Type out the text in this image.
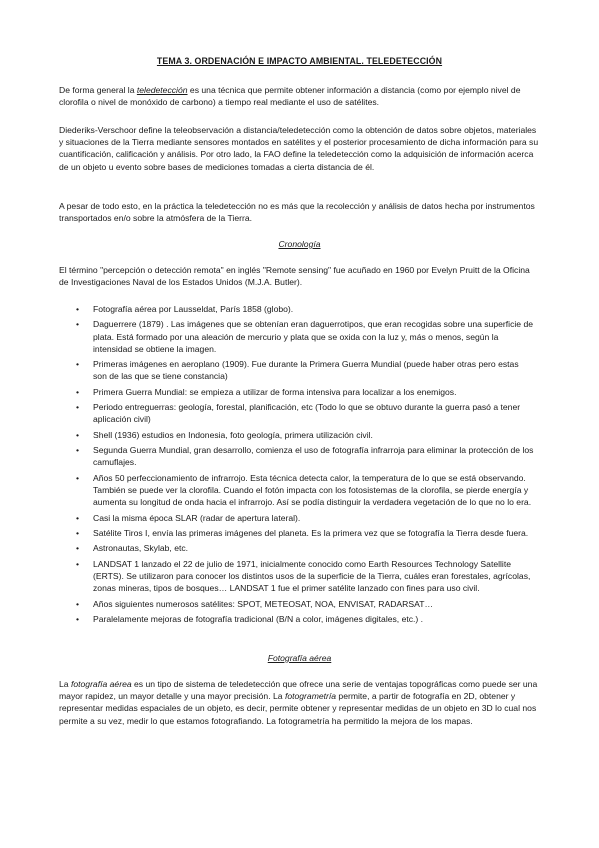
TEMA 3. ORDENACIÓN E IMPACTO AMBIENTAL. TELEDETECCIÓN

De forma general la teledetección es una técnica que permite obtener información a distancia (como por ejemplo nivel de clorofila o nivel de monóxido de carbono) a tiempo real mediante el uso de satélites.

Diederiks-Verschoor define la teleobservación a distancia/teledetección como la obtención de datos sobre objetos, materiales y situaciones de la Tierra mediante sensores montados en satélites y el posterior procesamiento de dicha información para su cuantificación, calificación y análisis. Por otro lado, la FAO define la teledetección como la adquisición de información acerca de un objeto u evento sobre bases de mediciones tomadas a cierta distancia de él.

A pesar de todo esto, en la práctica la teledetección no es más que la recolección y análisis de datos hecha por instrumentos transportados en/o sobre la atmósfera de la Tierra.

Cronología

El término "percepción o detección remota" en inglés "Remote sensing" fue acuñado en 1960 por Evelyn Pruitt de la Oficina de Investigaciones Naval de los Estados Unidos (M.J.A. Butler).

• Fotografía aérea por Lausseldat, París 1858 (globo).
• Daguerrere (1879) . Las imágenes que se obtenían eran daguerrotipos, que eran recogidas sobre una superficie de plata. Está formado por una aleación de mercurio y plata que se oxida con la luz y, más o menos, según la intensidad se obtiene la imagen.
• Primeras imágenes en aeroplano (1909). Fue durante la Primera Guerra Mundial (puede haber otras pero estas son de las que se tiene constancia)
• Primera Guerra Mundial: se empieza a utilizar de forma intensiva para localizar a los enemigos.
• Periodo entreguerras: geología, forestal, planificación, etc (Todo lo que se obtuvo durante la guerra pasó a tener aplicación civil)
• Shell (1936) estudios en Indonesia, foto geología, primera utilización civil.
• Segunda Guerra Mundial, gran desarrollo, comienza el uso de fotografía infrarroja para eliminar la protección de los camuflajes.
• Años 50 perfeccionamiento de infrarrojo. Esta técnica detecta calor, la temperatura de lo que se está observando. También se puede ver la clorofila. Cuando el fotón impacta con los fotosistemas de la clorofila, se pierde energía y aumenta su longitud de onda hacia el infrarrojo. Así se podía distinguir la verdadera vegetación de lo que no lo era.
• Casi la misma época SLAR (radar de apertura lateral).
• Satélite Tiros I, envía las primeras imágenes del planeta. Es la primera vez que se fotografía la Tierra desde fuera.
• Astronautas, Skylab, etc.
• LANDSAT 1 lanzado el 22 de julio de 1971, inicialmente conocido como Earth Resources Technology Satellite (ERTS). Se utilizaron para conocer los distintos usos de la superficie de la Tierra, cuáles eran forestales, agrícolas, zonas mineras, tipos de bosques… LANDSAT 1 fue el primer satélite lanzado con fines para uso civil.
• Años siguientes numerosos satélites: SPOT, METEOSAT, NOA, ENVISAT, RADARSAT…
• Paralelamente mejoras de fotografía tradicional (B/N a color, imágenes digitales, etc.) .
Fotografía aérea

La fotografía aérea es un tipo de sistema de teledetección que ofrece una serie de ventajas topográficas como puede ser una mayor rapidez, un mayor detalle y una mayor precisión. La fotogrametría permite, a partir de fotografía en 2D, obtener y representar medidas espaciales de un objeto, es decir, permite obtener y representar medidas de un objeto en 3D lo cual nos permite a su vez, medir lo que estamos fotografiando. La fotogrametría ha permitido la mejora de los mapas.
